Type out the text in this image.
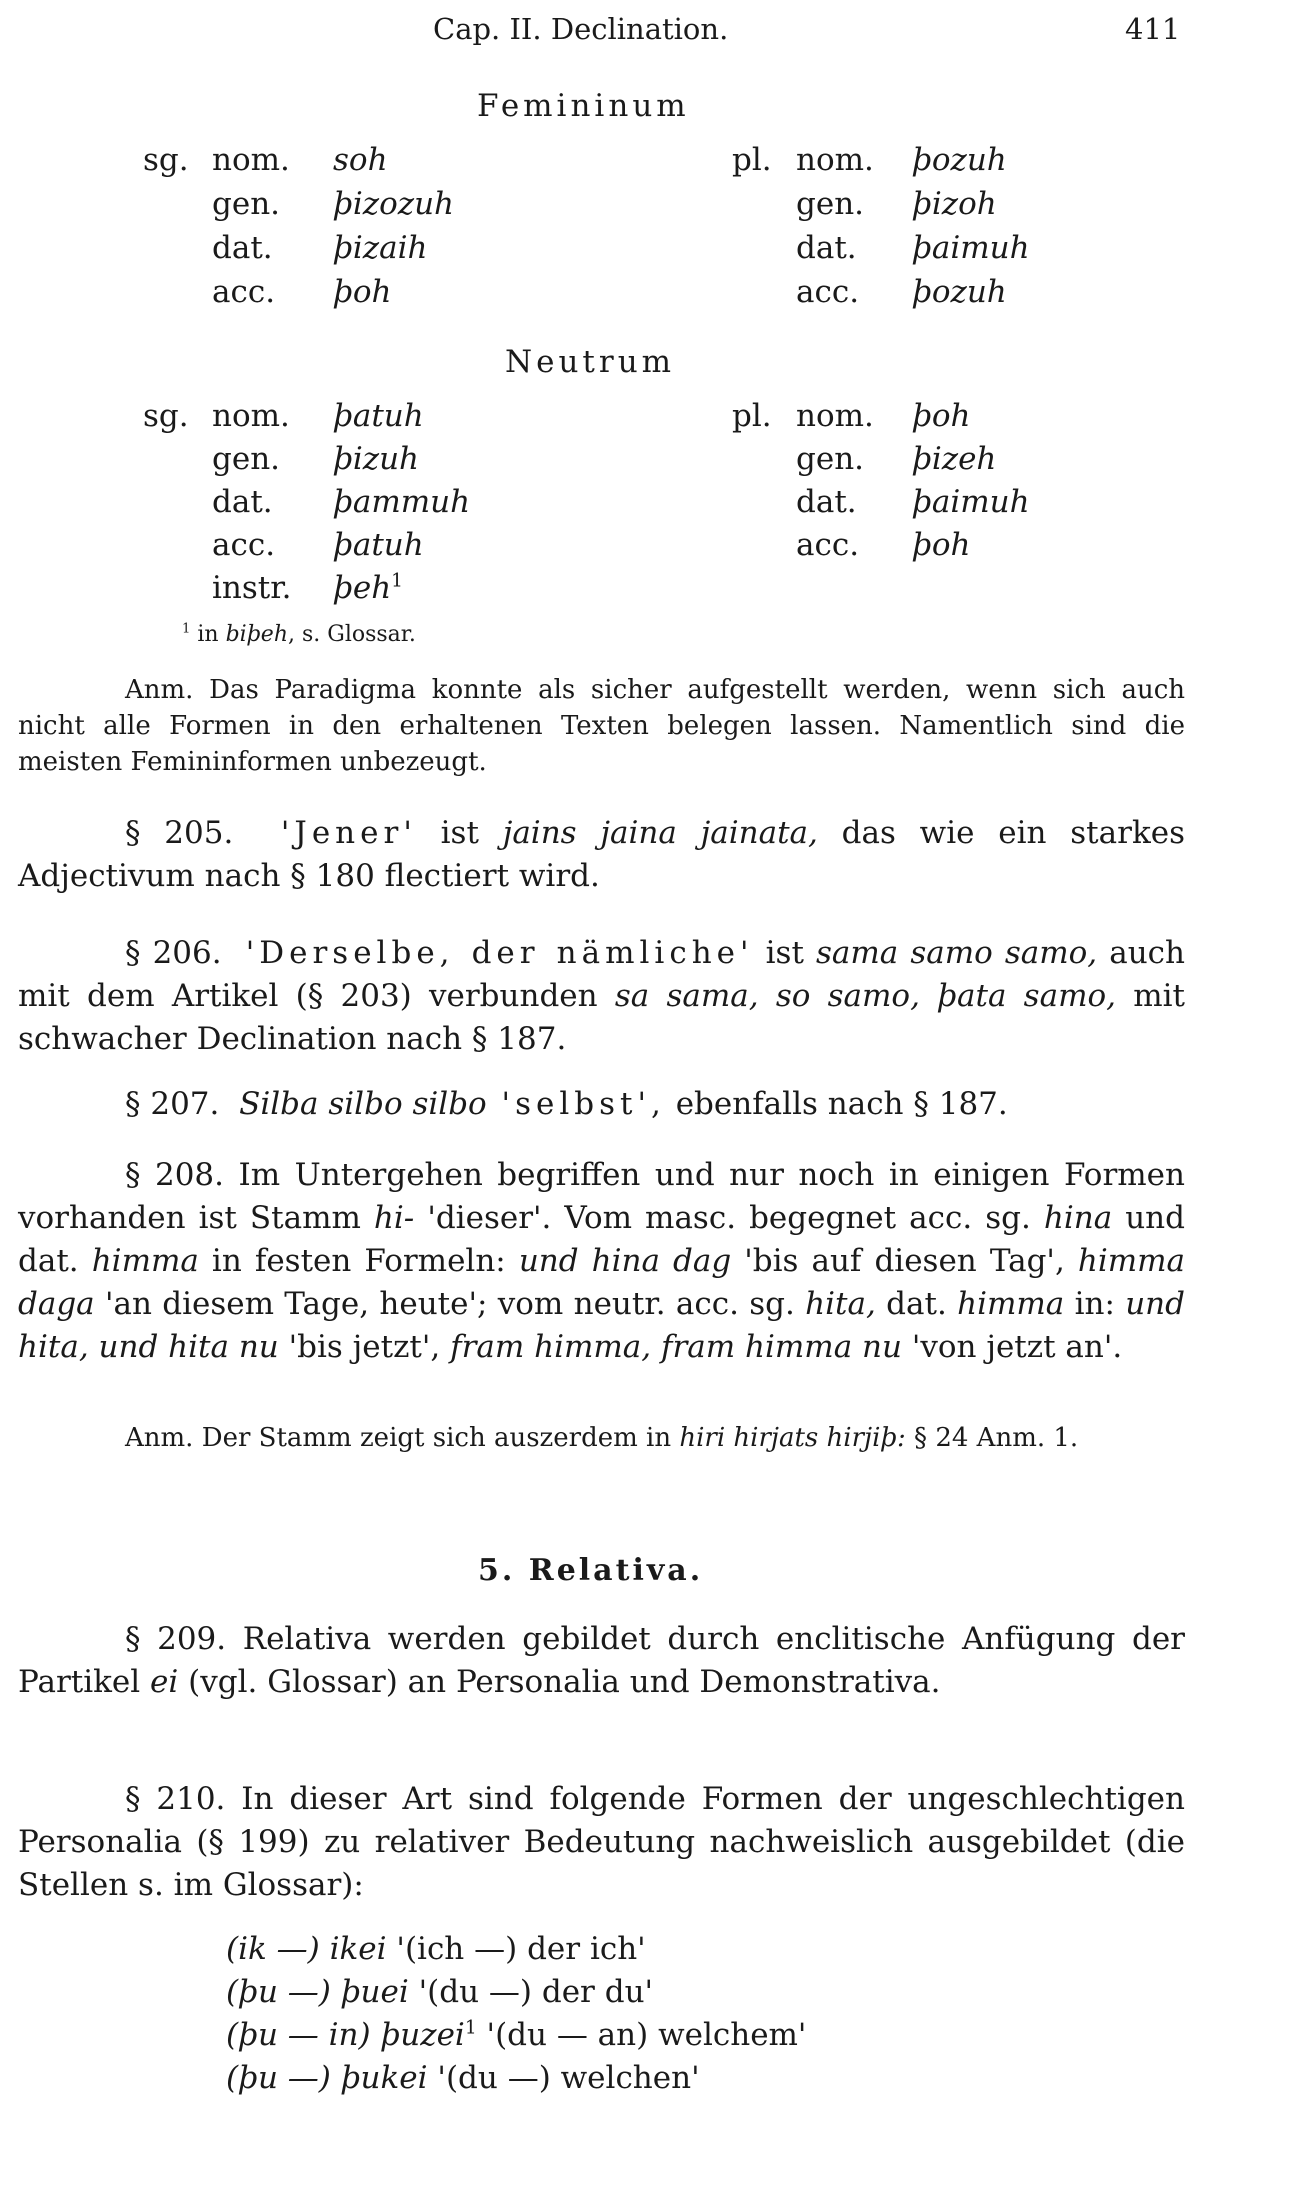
Cap. II. Declination.	411
Femininum
sg.	pl.
nom. soh	nom. þozuh
gen. þizozuh	gen. þizoh
dat. þizaih	dat. þaimuh
acc. þoh	acc. þozuh
Neutrum
sg.	pl.
nom. þatuh	nom. þoh
gen. þizuh	gen. þizeh
dat. þammuh	dat. þaimuh
acc. þatuh	acc. þoh
instr. þeh$^1$
$^1$ in biþeh, s. Glossar.
Anm. Das Paradigma konnte als sicher aufgestellt werden, wenn sich auch nicht alle Formen in den erhaltenen Texten belegen lassen. Namentlich sind die meisten Femininformen unbezeugt.
§ 205. 'Jener' ist jains jaina jainata, das wie ein starkes Adjectivum nach § 180 flectiert wird.
§ 206. 'Derselbe, der nämliche' ist sama samo samo, auch mit dem Artikel (§ 203) verbunden sa sama, so samo, þata samo, mit schwacher Declination nach § 187.
§ 207. Silba silbo silbo 'selbst', ebenfalls nach § 187.
§ 208. Im Untergehen begriffen und nur noch in einigen Formen vorhanden ist Stamm hi- 'dieser'. Vom masc. begegnet acc. sg. hina und dat. himma in festen Formeln: und hina dag 'bis auf diesen Tag', himma daga 'an diesem Tage, heute'; vom neutr. acc. sg. hita, dat. himma in: und hita, und hita nu 'bis jetzt', fram himma, fram himma nu 'von jetzt an'.
Anm. Der Stamm zeigt sich auszerdem in hiri hirjats hirjiþ: § 24 Anm. 1.
5. Relativa.
§ 209. Relativa werden gebildet durch enclitische Anfügung der Partikel ei (vgl. Glossar) an Personalia und Demonstrativa.
§ 210. In dieser Art sind folgende Formen der ungeschlechtigen Personalia (§ 199) zu relativer Bedeutung nachweislich ausgebildet (die Stellen s. im Glossar):
(ik —) ikei '(ich —) der ich'
(þu —) þuei '(du —) der du'
(þu — in) þuzei$^1$ '(du — an) welchem'
(þu —) þukei '(du —) welchen'
